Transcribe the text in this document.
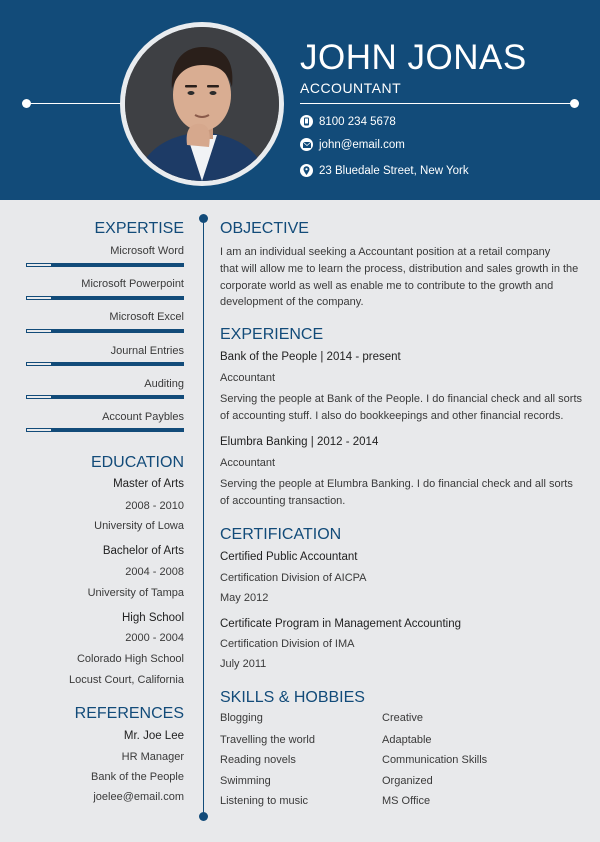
JOHN JONAS
ACCOUNTANT
8100 234 5678
john@email.com
23 Bluedale Street, New York
EXPERTISE
Microsoft Word
Microsoft Powerpoint
Microsoft Excel
Journal Entries
Auditing
Account Paybles
EDUCATION
Master of Arts
2008 - 2010
University of Lowa
Bachelor of Arts
2004 - 2008
University of Tampa
High School
2000 - 2004
Colorado High School
Locust Court, California
REFERENCES
Mr. Joe Lee
HR Manager
Bank of the People
joelee@email.com
OBJECTIVE
I am an individual seeking a Accountant position at a retail company
that will allow me to learn the process, distribution and sales growth in the
corporate world as well as enable me to contribute to the growth and
development of the company.
EXPERIENCE
Bank of the People | 2014 - present
Accountant
Serving the people at Bank of the People. I do financial check and all sorts
of accounting stuff. I also do bookkeepings and other financial records.
Elumbra Banking | 2012 - 2014
Accountant
Serving the people at Elumbra Banking. I do financial check and all sorts
of accounting transaction.
CERTIFICATION
Certified Public Accountant
Certification Division of AICPA
May 2012
Certificate Program in Management Accounting
Certification Division of IMA
July 2011
SKILLS & HOBBIES
Blogging
Travelling the world
Reading novels
Swimming
Listening to music
Creative
Adaptable
Communication Skills
Organized
MS Office
